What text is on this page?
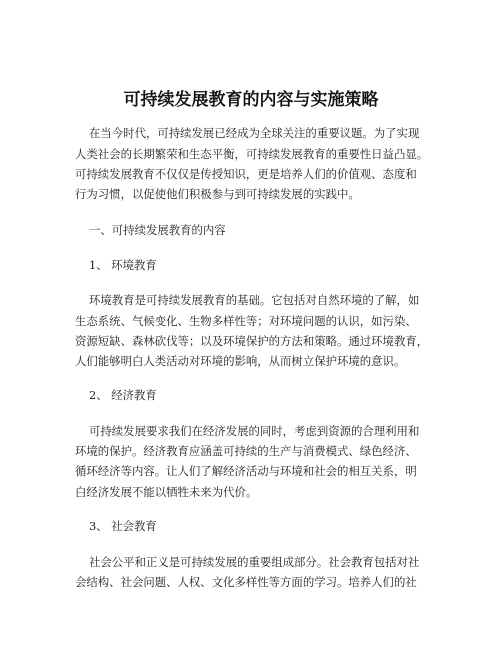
可持续发展教育的内容与实施策略
在当今时代，可持续发展已经成为全球关注的重要议题。为了实现
人类社会的长期繁荣和生态平衡，可持续发展教育的重要性日益凸显。
可持续发展教育不仅仅是传授知识，更是培养人们的价值观、态度和
行为习惯，以促使他们积极参与到可持续发展的实践中。
一、可持续发展教育的内容
1、 环境教育
环境教育是可持续发展教育的基础。它包括对自然环境的了解，如
生态系统、气候变化、生物多样性等；对环境问题的认识，如污染、
资源短缺、森林砍伐等；以及环境保护的方法和策略。通过环境教育，
人们能够明白人类活动对环境的影响，从而树立保护环境的意识。
2、 经济教育
可持续发展要求我们在经济发展的同时，考虑到资源的合理利用和
环境的保护。经济教育应涵盖可持续的生产与消费模式、绿色经济、
循环经济等内容。让人们了解经济活动与环境和社会的相互关系，明
白经济发展不能以牺牲未来为代价。
3、 社会教育
社会公平和正义是可持续发展的重要组成部分。社会教育包括对社
会结构、社会问题、人权、文化多样性等方面的学习。培养人们的社
